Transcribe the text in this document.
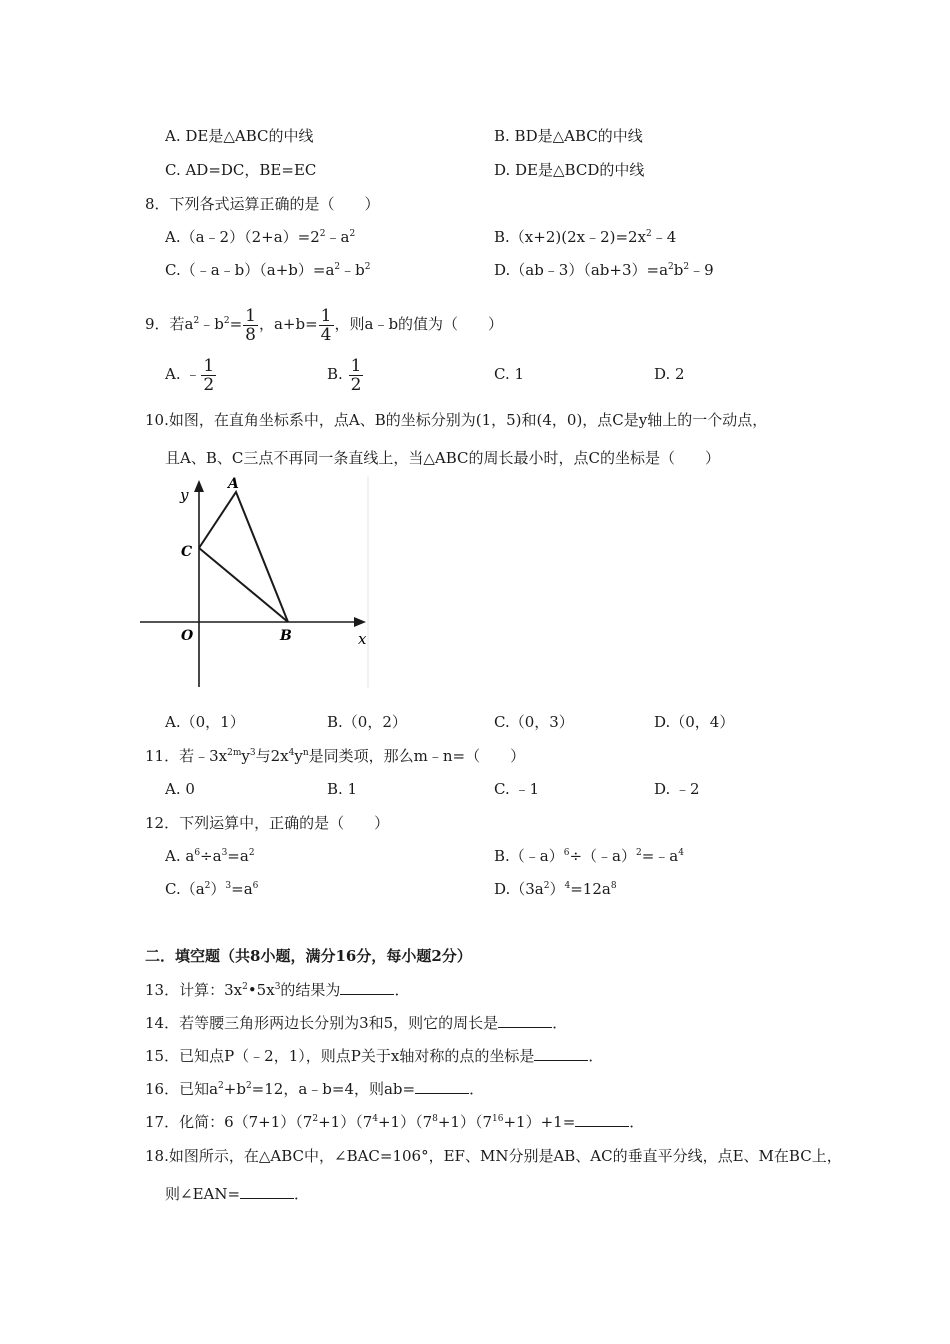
A. DE是△ABC的中线	B. BD是△ABC的中线
C. AD=DC，BE=EC	D. DE是△BCD的中线
8．下列各式运算正确的是（　　）
$A.(a﹣2)(2+a)=2^2﹣a^2$	$B.(x+2)(2x﹣2)=2x^2﹣4$
$C.(﹣a﹣b)(a+b)=a^2﹣b^2$	$D.(ab﹣3)(ab+3)=a^2b^2﹣9$
9．若$a^2﹣b^2= \frac{1}{8}$ ，$a+b= \frac{1}{4}$ ，则a﹣b的值为（　　）
A. ﹣ $\frac{1}{2}$	B. $\frac{1}{2}$	C. 1	D. 2
10.如图，在直角坐标系中，点A、B的坐标分别为(1，5)和(4，0)，点C是y轴上的一个动点，
且A、B、C三点不再同一条直线上，当△ABC的周长最小时，点C的坐标是（　　）
y
A
C
O	B	x
A.（0，1）	B.（0，2）	C.（0，3）	D.（0，4）
11．若$﹣3x^{2m}y^3$与$2x^4y^n$是同类项，那么m﹣n=（　　）
A. 0	B. 1	C. ﹣1	D. ﹣2
12．下列运算中，正确的是（　　）
A. $a^6\div a^3=a^2$	$B.(﹣a)^6\div(﹣a)^2=﹣a^4$
$C.(a^2)^3=a^6$	$D.(3a^2)^4=12a^8$
二．填空题（共8小题，满分16分，每小题2分）
13．计算：$3x^2•5x^3$的结果为	．
14．若等腰三角形两边长分别为3和5，则它的周长是	．
15．已知点P（﹣2，1），则点P关于x轴对称的点的坐标是	．
16．已知$a^2+b^2=12$，a﹣b=4，则ab=	．
17．化简：$6(7+1)(7^2+1)(7^4+1)(7^8+1)(7^{16}+1)+1=$	．
18.如图所示，在△ABC中，∠BAC=106°，EF、MN分别是AB、AC的垂直平分线，点E、M在BC上，
则∠EAN=	．
